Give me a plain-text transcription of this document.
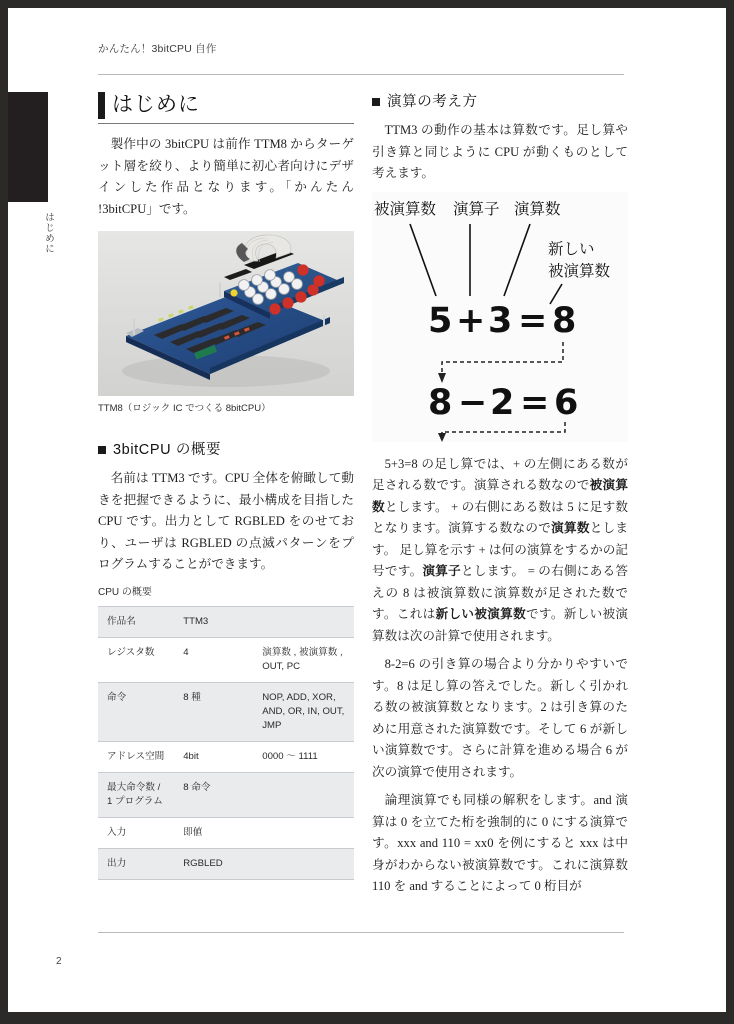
はじめに
かんたん！3bitCPU 自作
2
はじめに

製作中の 3bitCPU は前作 TTM8 からターゲット層を絞り、より簡単に初心者向けにデザインした作品となります。「かんたん !3bitCPU」です。

TTM8（ロジック IC でつくる 8bitCPU）
3bitCPU の概要

名前は TTM3 です。CPU 全体を俯瞰して動きを把握できるように、最小構成を目指した CPU です。出力として RGBLED をのせており、ユーザは RGBLED の点滅パターンをプログラムすることができます。

CPU の概要
作品名	TTM3	
レジスタ数	4	演算数 , 被演算数 , OUT, PC
命令	8 種	NOP, ADD, XOR, AND, OR, IN, OUT, JMP
アドレス空間	4bit	0000 〜 1111
最大命令数 / 1 プログラム	8 命令	
入力	即値	
出力	RGBLED	
演算の考え方

TTM3 の動作の基本は算数です。足し算や引き算と同じように CPU が動くものとして考えます。

被演算数 演算子 演算数
新しい
被演算数
5 + 3 = 8
8 − 2 = 6

5+3=8 の足し算では、+ の左側にある数が足される数です。演算される数なので被演算数とします。 + の右側にある数は 5 に足す数となります。演算する数なので演算数とします。 足し算を示す + は何の演算をするかの記号です。演算子とします。 = の右側にある答えの 8 は被演算数に演算数が足された数です。これは新しい被演算数です。新しい被演算数は次の計算で使用されます。

8-2=6 の引き算の場合より分かりやすいです。8 は足し算の答えでした。新しく引かれる数の被演算数となります。2 は引き算のために用意された演算数です。そして 6 が新しい演算数です。さらに計算を進める場合 6 が次の演算で使用されます。

論理演算でも同様の解釈をします。and 演算は 0 を立てた桁を強制的に 0 にする演算です。xxx and 110 = xx0 を例にすると xxx は中身がわからない被演算数です。これに演算数 110 を and することによって 0 桁目が
